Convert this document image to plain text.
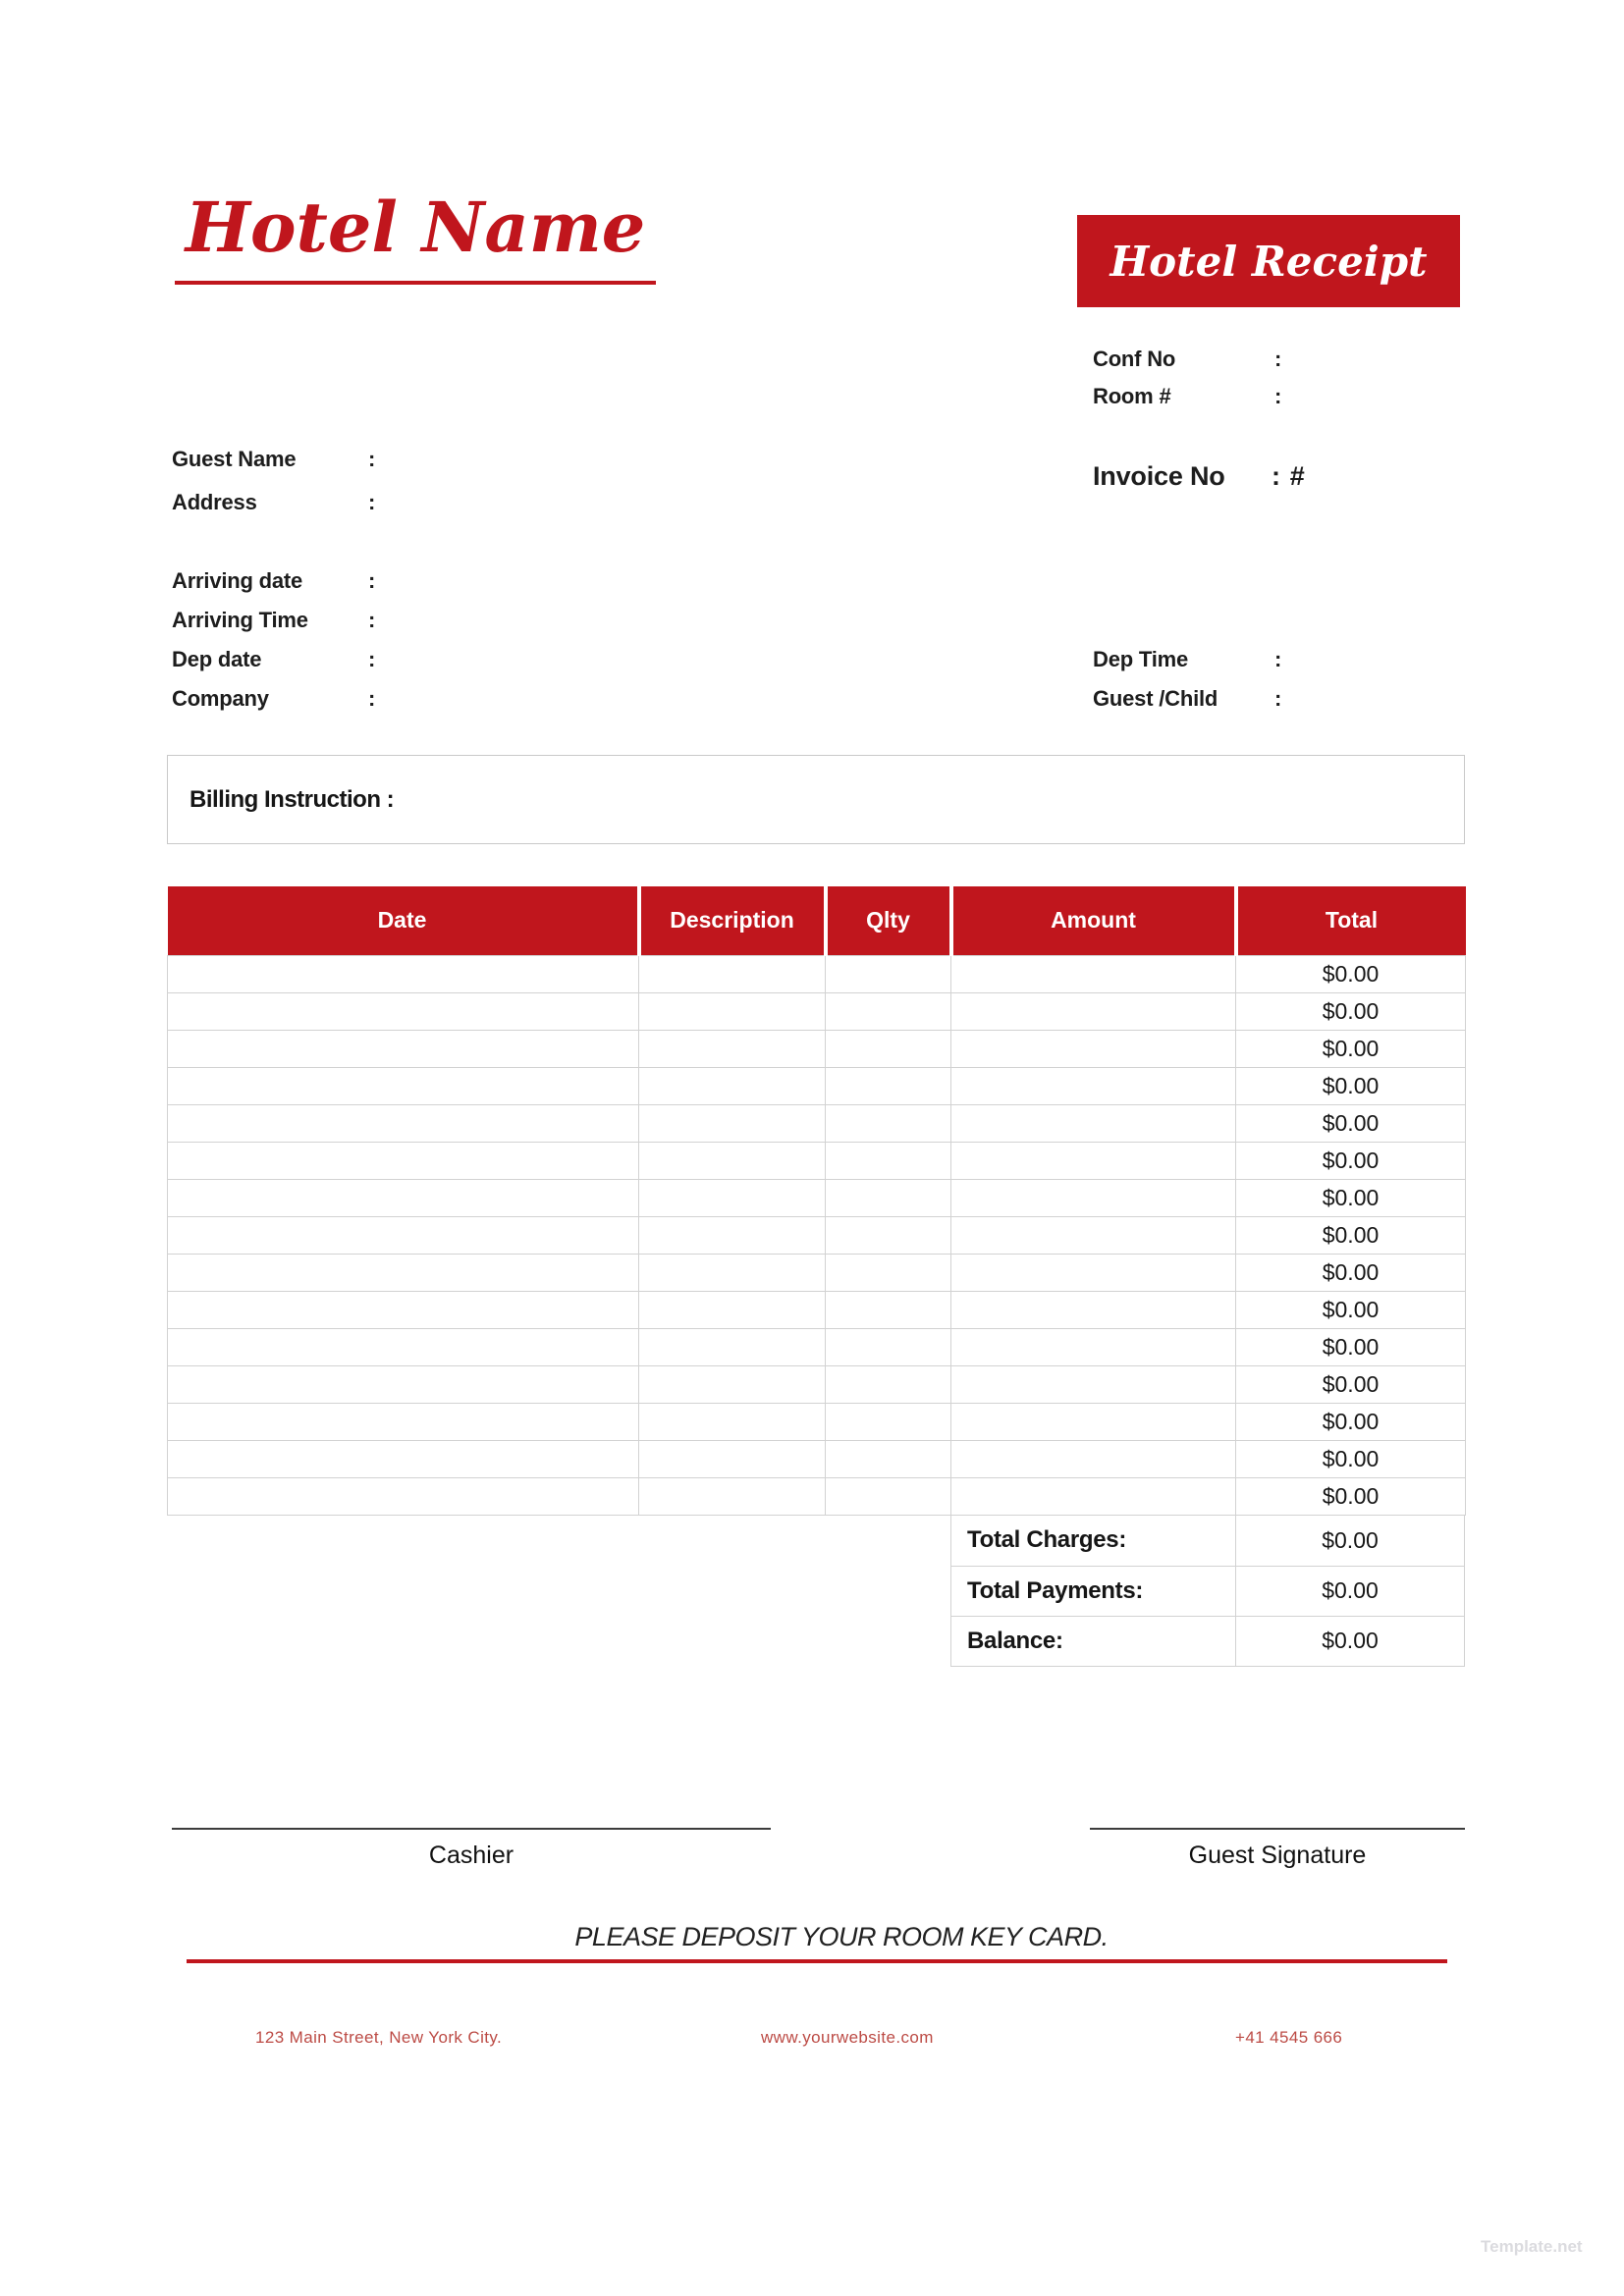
Hotel Name	Hotel Receipt
Conf No	:
Room #	:
Invoice No	: #
Guest Name	:
Address	:
Arriving date	:
Arriving Time	:
Dep date	:
Company	:
Dep Time	:
Guest /Child	:
Billing Instruction :
Date	Description	Qlty	Amount	Total
				$0.00
				$0.00
				$0.00
				$0.00
				$0.00
				$0.00
				$0.00
				$0.00
				$0.00
				$0.00
				$0.00
				$0.00
				$0.00
				$0.00
				$0.00
Total Charges:	$0.00
Total Payments:	$0.00
Balance:	$0.00
Cashier	Guest Signature
PLEASE DEPOSIT YOUR ROOM KEY CARD.
123 Main Street, New York City.	www.yourwebsite.com	+41 4545 666
Template.net
